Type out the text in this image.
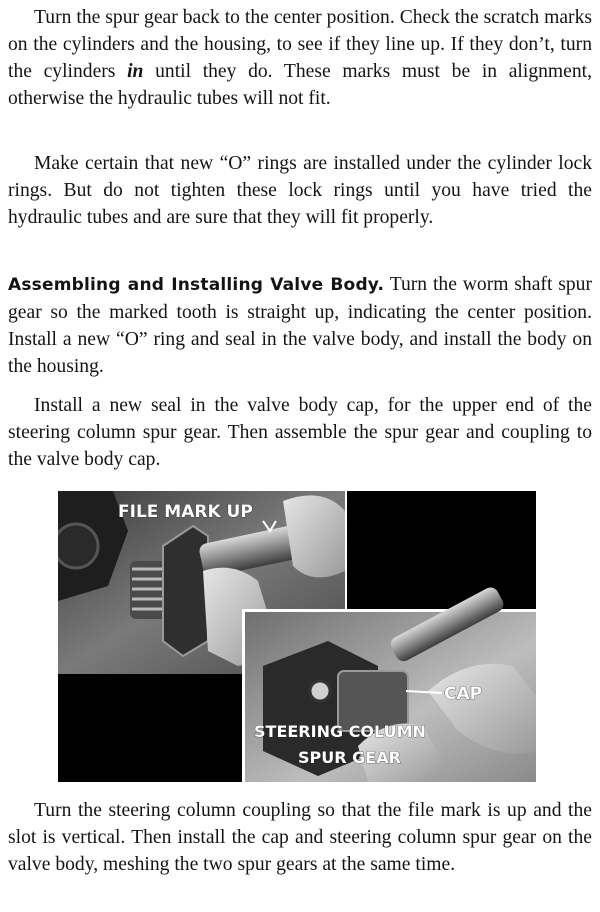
Turn the spur gear back to the center position. Check the scratch marks on the cylinders and the housing, to see if they line up. If they don’t, turn the cylinders in until they do. These marks must be in alignment, otherwise the hydraulic tubes will not fit.

Make certain that new “O” rings are installed under the cylinder lock rings. But do not tighten these lock rings until you have tried the hydraulic tubes and are sure that they will fit properly.

Assembling and Installing Valve Body. Turn the worm shaft spur gear so the marked tooth is straight up, indicating the center position. Install a new “O” ring and seal in the valve body, and install the body on the housing.

Install a new seal in the valve body cap, for the upper end of the steering column spur gear. Then assemble the spur gear and coupling to the valve body cap.

FILE MARK UP
CAP
STEERING COLUMN
SPUR GEAR

Turn the steering column coupling so that the file mark is up and the slot is vertical. Then install the cap and steering column spur gear on the valve body, meshing the two spur gears at the same time.
